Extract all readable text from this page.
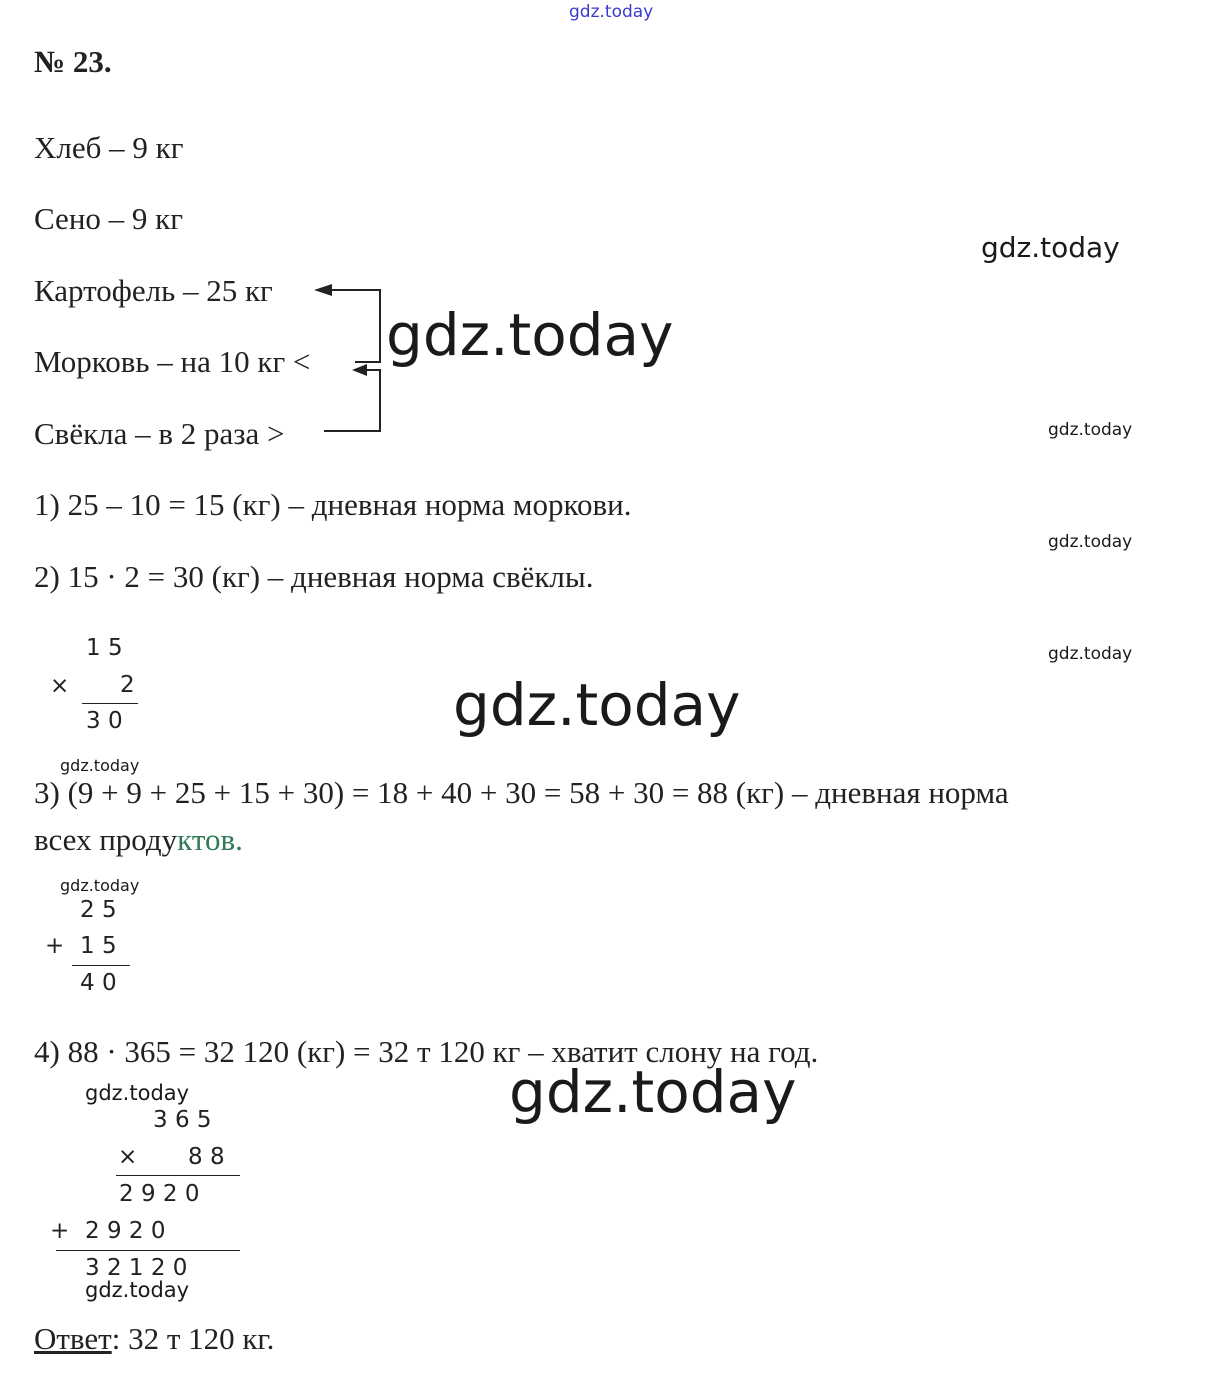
gdz.today
gdz.today
gdz.today
gdz.today
gdz.today
gdz.today
gdz.today
gdz.today
gdz.today
gdz.today
gdz.today
gdz.today
№ 23.
Хлеб – 9 кг
Сено – 9 кг
Картофель – 25 кг
Морковь – на 10 кг <
Свёкла – в 2 раза >
1) 25 – 10 = 15 (кг) – дневная норма моркови.
2) 15 · 2 = 30 (кг) – дневная норма свёклы.
1 5
× 2
3 0
3) (9 + 9 + 25 + 15 + 30) = 18 + 40 + 30 = 58 + 30 = 88 (кг) – дневная норма
всех продуктов.
2 5
+ 1 5
4 0
4) 88 · 365 = 32 120 (кг) = 32 т 120 кг – хватит слону на год.
3 6 5
× 8 8
2 9 2 0
+ 2 9 2 0
3 2 1 2 0
Ответ: 32 т 120 кг.
